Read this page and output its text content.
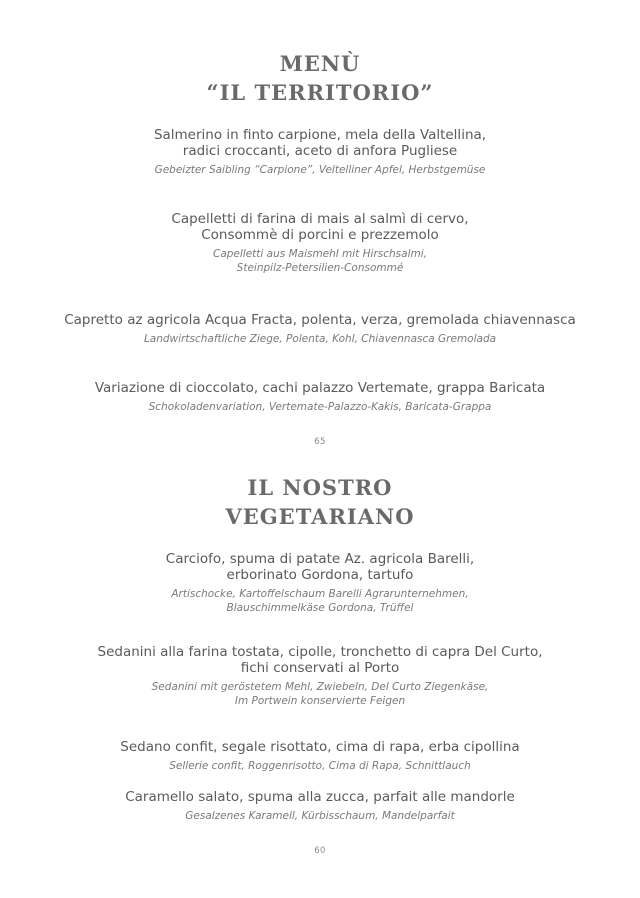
MENÙ
“IL TERRITORIO”
Salmerino in finto carpione, mela della Valtellina,
radici croccanti, aceto di anfora Pugliese
Gebeizter Saibling “Carpione”, Veltelliner Apfel, Herbstgemüse
Capelletti di farina di mais al salmì di cervo,
Consommè di porcini e prezzemolo
Capelletti aus Maismehl mit Hirschsalmi,
Steinpilz-Petersilien-Consommé
Capretto az agricola Acqua Fracta, polenta, verza, gremolada chiavennasca
Landwirtschaftliche Ziege, Polenta, Kohl, Chiavennasca Gremolada
Variazione di cioccolato, cachi palazzo Vertemate, grappa Baricata
Schokoladenvariation, Vertemate-Palazzo-Kakis, Baricata-Grappa
65
IL NOSTRO
VEGETARIANO
Carciofo, spuma di patate Az. agricola Barelli,
erborinato Gordona, tartufo
Artischocke, Kartoffelschaum Barelli Agrarunternehmen,
Blauschimmelkäse Gordona, Trüffel
Sedanini alla farina tostata, cipolle, tronchetto di capra Del Curto,
fichi conservati al Porto
Sedanini mit geröstetem Mehl, Zwiebeln, Del Curto Ziegenkäse,
Im Portwein konservierte Feigen
Sedano confit, segale risottato, cima di rapa, erba cipollina
Sellerie confit, Roggenrisotto, Cima di Rapa, Schnittlauch
Caramello salato, spuma alla zucca, parfait alle mandorle
Gesalzenes Karamell, Kürbisschaum, Mandelparfait
60
